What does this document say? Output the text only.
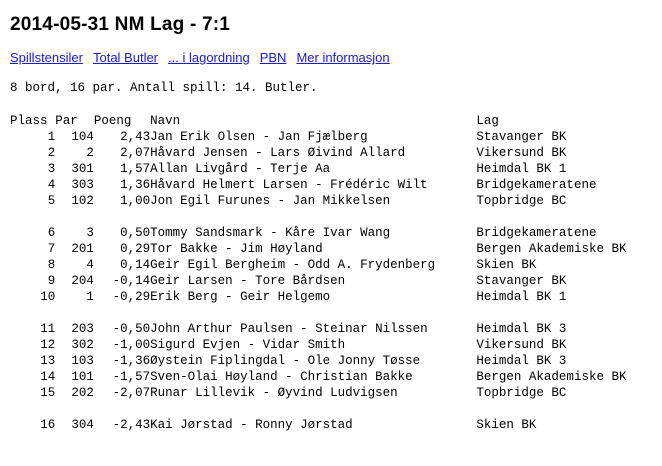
2014-05-31 NM Lag - 7:1
Spillstensiler Total Butler ... i lagordning PBN Mer informasjon
8 bord, 16 par. Antall spill: 14. Butler.
Plass	Par	Poeng	Navn	Lag
1	104	2,43	Jan Erik Olsen - Jan Fjælberg	Stavanger BK
2	2	2,07	Håvard Jensen - Lars Øivind Allard	Vikersund BK
3	301	1,57	Allan Livgård - Terje Aa	Heimdal BK 1
4	303	1,36	Håvard Helmert Larsen - Frédéric Wilt	Bridgekameratene
5	102	1,00	Jon Egil Furunes - Jan Mikkelsen	Topbridge BC

6	3	0,50	Tommy Sandsmark - Kåre Ivar Wang	Bridgekameratene
7	201	0,29	Tor Bakke - Jim Høyland	Bergen Akademiske BK
8	4	0,14	Geir Egil Bergheim - Odd A. Frydenberg	Skien BK
9	204	-0,14	Geir Larsen - Tore Bårdsen	Stavanger BK
10	1	-0,29	Erik Berg - Geir Helgemo	Heimdal BK 1

11	203	-0,50	John Arthur Paulsen - Steinar Nilssen	Heimdal BK 3
12	302	-1,00	Sigurd Evjen - Vidar Smith	Vikersund BK
13	103	-1,36	Øystein Fiplingdal - Ole Jonny Tøsse	Heimdal BK 3
14	101	-1,57	Sven-Olai Høyland - Christian Bakke	Bergen Akademiske BK
15	202	-2,07	Runar Lillevik - Øyvind Ludvigsen	Topbridge BC

16	304	-2,43	Kai Jørstad - Ronny Jørstad	Skien BK
